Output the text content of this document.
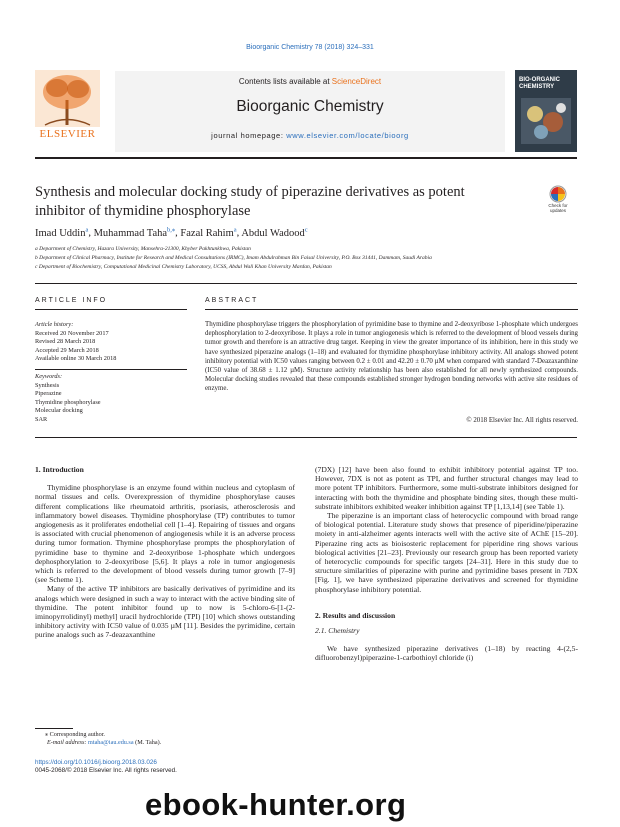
Bioorganic Chemistry 78 (2018) 324–331
ELSEVIER
Contents lists available at ScienceDirect
Bioorganic Chemistry
journal homepage: www.elsevier.com/locate/bioorg
BIO-ORGANIC CHEMISTRY
Synthesis and molecular docking study of piperazine derivatives as potent inhibitor of thymidine phosphorylase	Check for updates
Imad Uddin$^a$, Muhammad Taha$^{b,⁎}$, Fazal Rahim$^a$, Abdul Wadood$^c$
a Department of Chemistry, Hazara University, Mansehra-21300, Khyber Pakhtunkhwa, Pakistan
b Department of Clinical Pharmacy, Institute for Research and Medical Consultations (IRMC), Imam Abdulrahman Bin Faisal University, P.O. Box 31441, Dammam, Saudi Arabia
c Department of Biochemistry, Computational Medicinal Chemistry Laboratory, UCSS, Abdul Wali Khan University Mardan, Pakistan
ARTICLE INFO
Article history:
Received 20 November 2017
Revised 28 March 2018
Accepted 29 March 2018
Available online 30 March 2018
Keywords:
Synthesis
Piperazine
Thymidine phosphorylase
Molecular docking
SAR
ABSTRACT
Thymidine phosphorylase triggers the phosphorylation of pyrimidine base to thymine and 2-deoxyribose 1-phosphate which undergoes dephosphorylation to 2-deoxyribose. It plays a role in tumor angiogenesis which is referred to the development of blood vessels during tumor growth and therefore is an attractive drug target. Keeping in view the greater importance of its inhibition, here in this study we have synthesized piperazine analogs (1–18) and evaluated for thymidine phosphorylase inhibitory activity. All analogs showed potent inhibitory potential with IC50 values ranging between 0.2 ± 0.01 and 42.20 ± 0.70 µM when compared with standard 7-Deazaxanthine (IC50 value of 38.68 ± 1.12 µM). Structure activity relationship has been also established for all newly synthesized compounds. Molecular docking studies revealed that these compounds established stronger hydrogen bonding networks with active site residues of enzyme.
© 2018 Elsevier Inc. All rights reserved.
1. Introduction

Thymidine phosphorylase is an enzyme found within nucleus and cytoplasm of normal tissues and cells. Overexpression of thymidine phosphorylase causes different complications like rheumatoid arthritis, psoriasis, atherosclerosis and inflammatory bowel diseases. Thymidine phosphorylase (TP) contributes to tumor angiogenesis as it proliferates endothelial cell [1–4]. Repairing of tissues and organs is associated with crucial phenomenon of angiogenesis while it is an adverse process during tumor formation. Thymine phosphorylase prompts the phosphorylation of pyrimidine base to thymine and 2-deoxyribose 1-phosphate which undergoes dephosphorylation to 2-deoxyribose [5,6]. It plays a role in tumor angiogenesis which is referred to the development of blood vessels during tumor growth [7–9] (see Scheme 1).

Many of the active TP inhibitors are basically derivatives of pyrimidine and its analogs which were designed in such a way to interact with the active binding site of thymidine. The potent inhibitor found up to now is 5-chloro-6-[1-(2-iminopyrrolidinyl) methyl] uracil hydrochloride (TPI) [10] which shows outstanding inhibitory activity with IC50 value of 0.035 µM [11]. Besides the pyrimidine, certain purine analogs such as 7-deazaxanthine

(7DX) [12] have been also found to exhibit inhibitory potential against TP too. However, 7DX is not as potent as TPI, and further structural changes may lead to more potent TP inhibitors. Furthermore, some multi-substrate inhibitors designed for interacting with both the thymidine and phosphate binding sites, though these multi-substrate inhibitors exhibited weaker inhibition against TP [1,13,14] (see Table 1).

The piperazine is an important class of heterocyclic compound with broad range of biological potential. Literature study shows that presence of piperidine/piperazine moiety in anti-alzheimer agents interacts well with the active site of AChE [15–20]. Piperazine ring acts as bioisosteric replacement for piperidine ring shows various biological activities [21–23]. Previously our research group has been reported variety of heterocyclic compounds for specific targets [24–31]. Here in this study due to structure similarities of piperazine with purine and pyrimidine bases present in 7DX [Fig. 1], we have synthesized piperazine derivatives and screened for thymidine phosphorylase inhibitory potential.

2. Results and discussion
2.1. Chemistry

We have synthesized piperazine derivatives (1–18) by reacting 4-(2,5-difluorobenzyl)piperazine-1-carbothioyl chloride (i)

⁎ Corresponding author.
E-mail address: mtaha@iau.edu.sa (M. Taha).
https://doi.org/10.1016/j.bioorg.2018.03.026
0045-2068/© 2018 Elsevier Inc. All rights reserved.
ebook-hunter.org
